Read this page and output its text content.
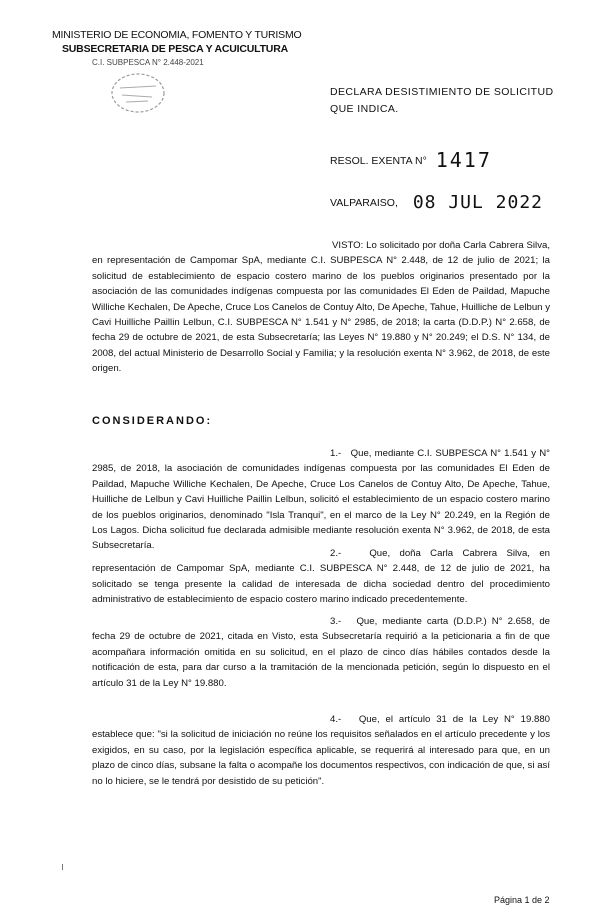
MINISTERIO DE ECONOMIA, FOMENTO Y TURISMO
SUBSECRETARIA DE PESCA Y ACUICULTURA
C.I. SUBPESCA N° 2.448-2021
DECLARA DESISTIMIENTO DE SOLICITUD QUE INDICA.
RESOL. EXENTA N° 1417
VALPARAISO, 08 JUL 2022
VISTO: Lo solicitado por doña Carla Cabrera Silva, en representación de Campomar SpA, mediante C.I. SUBPESCA N° 2.448, de 12 de julio de 2021; la solicitud de establecimiento de espacio costero marino de los pueblos originarios presentado por la asociación de las comunidades indígenas compuesta por las comunidades El Eden de Paildad, Mapuche Williche Kechalen, De Apeche, Cruce Los Canelos de Contuy Alto, De Apeche, Tahue, Huilliche de Lelbun y Cavi Huilliche Paillin Lelbun, C.I. SUBPESCA N° 1.541 y N° 2985, de 2018; la carta (D.D.P.) N° 2.658, de fecha 29 de octubre de 2021, de esta Subsecretaría; las Leyes N° 19.880 y N° 20.249; el D.S. N° 134, de 2008, del actual Ministerio de Desarrollo Social y Familia; y la resolución exenta N° 3.962, de 2018, de este origen.
CONSIDERANDO:
1.- Que, mediante C.I. SUBPESCA N° 1.541 y N° 2985, de 2018, la asociación de comunidades indígenas compuesta por las comunidades El Eden de Paildad, Mapuche Williche Kechalen, De Apeche, Cruce Los Canelos de Contuy Alto, De Apeche, Tahue, Huilliche de Lelbun y Cavi Huilliche Paillin Lelbun, solicitó el establecimiento de un espacio costero marino de los pueblos originarios, denominado "Isla Tranqui", en el marco de la Ley N° 20.249, en la Región de Los Lagos. Dicha solicitud fue declarada admisible mediante resolución exenta N° 3.962, de 2018, de esta Subsecretaría.
2.-	Que, doña Carla Cabrera Silva, en representación de Campomar SpA, mediante C.I. SUBPESCA N° 2.448, de 12 de julio de 2021, ha solicitado se tenga presente la calidad de interesada de dicha sociedad dentro del procedimiento administrativo de establecimiento de espacio costero marino indicado precedentemente.
3.- Que, mediante carta (D.D.P.) N° 2.658, de fecha 29 de octubre de 2021, citada en Visto, esta Subsecretaría requirió a la peticionaria a fin de que acompañara información omitida en su solicitud, en el plazo de cinco días hábiles contados desde la notificación de esta, para dar curso a la tramitación de la mencionada petición, según lo dispuesto en el artículo 31 de la Ley N° 19.880.
4.- Que, el artículo 31 de la Ley N° 19.880 establece que: "si la solicitud de iniciación no reúne los requisitos señalados en el artículo precedente y los exigidos, en su caso, por la legislación específica aplicable, se requerirá al interesado para que, en un plazo de cinco días, subsane la falta o acompañe los documentos respectivos, con indicación de que, si así no lo hiciere, se le tendrá por desistido de su petición".
Página 1 de 2
